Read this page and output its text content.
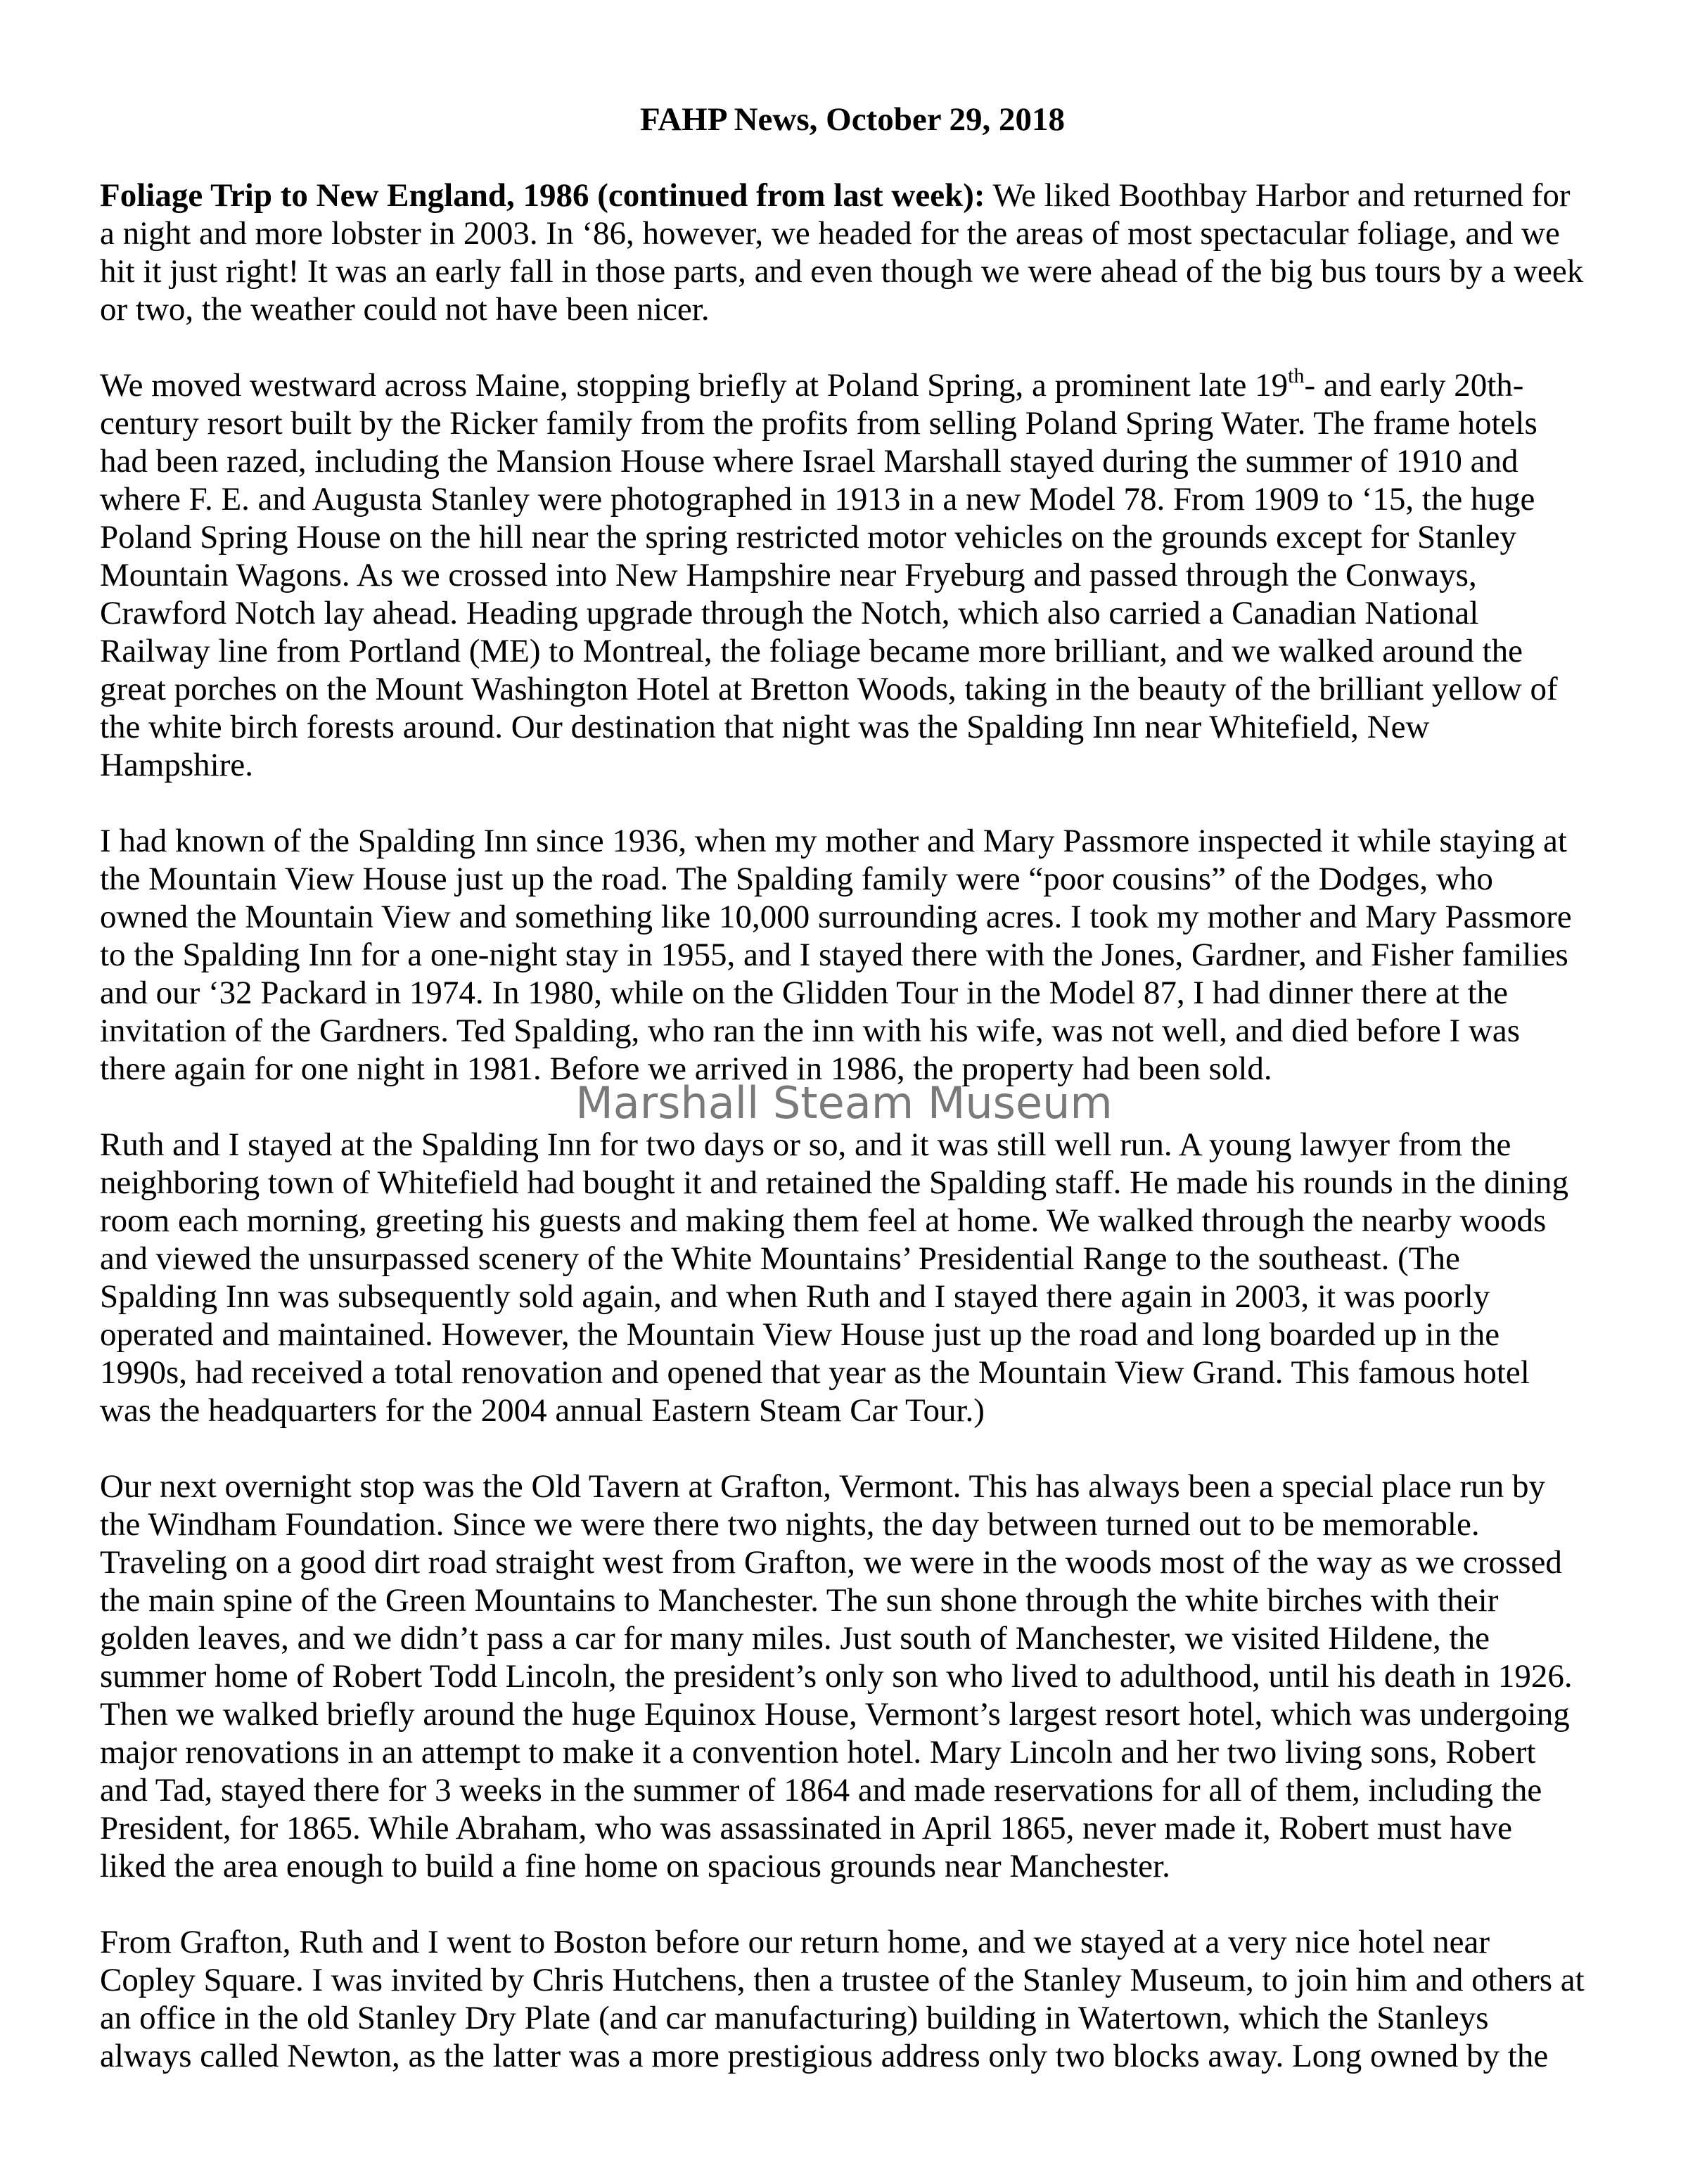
FAHP News, October 29, 2018
Foliage Trip to New England, 1986 (continued from last week): We liked Boothbay Harbor and returned for
a night and more lobster in 2003. In ‘86, however, we headed for the areas of most spectacular foliage, and we
hit it just right! It was an early fall in those parts, and even though we were ahead of the big bus tours by a week
or two, the weather could not have been nicer.
We moved westward across Maine, stopping briefly at Poland Spring, a prominent late 19th- and early 20th-
century resort built by the Ricker family from the profits from selling Poland Spring Water. The frame hotels
had been razed, including the Mansion House where Israel Marshall stayed during the summer of 1910 and
where F. E. and Augusta Stanley were photographed in 1913 in a new Model 78. From 1909 to ‘15, the huge
Poland Spring House on the hill near the spring restricted motor vehicles on the grounds except for Stanley
Mountain Wagons. As we crossed into New Hampshire near Fryeburg and passed through the Conways,
Crawford Notch lay ahead. Heading upgrade through the Notch, which also carried a Canadian National
Railway line from Portland (ME) to Montreal, the foliage became more brilliant, and we walked around the
great porches on the Mount Washington Hotel at Bretton Woods, taking in the beauty of the brilliant yellow of
the white birch forests around. Our destination that night was the Spalding Inn near Whitefield, New
Hampshire.
I had known of the Spalding Inn since 1936, when my mother and Mary Passmore inspected it while staying at
the Mountain View House just up the road. The Spalding family were “poor cousins” of the Dodges, who
owned the Mountain View and something like 10,000 surrounding acres. I took my mother and Mary Passmore
to the Spalding Inn for a one-night stay in 1955, and I stayed there with the Jones, Gardner, and Fisher families
and our ‘32 Packard in 1974. In 1980, while on the Glidden Tour in the Model 87, I had dinner there at the
invitation of the Gardners. Ted Spalding, who ran the inn with his wife, was not well, and died before I was
there again for one night in 1981. Before we arrived in 1986, the property had been sold.
Ruth and I stayed at the Spalding Inn for two days or so, and it was still well run. A young lawyer from the
neighboring town of Whitefield had bought it and retained the Spalding staff. He made his rounds in the dining
room each morning, greeting his guests and making them feel at home. We walked through the nearby woods
and viewed the unsurpassed scenery of the White Mountains’ Presidential Range to the southeast. (The
Spalding Inn was subsequently sold again, and when Ruth and I stayed there again in 2003, it was poorly
operated and maintained. However, the Mountain View House just up the road and long boarded up in the
1990s, had received a total renovation and opened that year as the Mountain View Grand. This famous hotel
was the headquarters for the 2004 annual Eastern Steam Car Tour.)
Our next overnight stop was the Old Tavern at Grafton, Vermont. This has always been a special place run by
the Windham Foundation. Since we were there two nights, the day between turned out to be memorable.
Traveling on a good dirt road straight west from Grafton, we were in the woods most of the way as we crossed
the main spine of the Green Mountains to Manchester. The sun shone through the white birches with their
golden leaves, and we didn’t pass a car for many miles. Just south of Manchester, we visited Hildene, the
summer home of Robert Todd Lincoln, the president’s only son who lived to adulthood, until his death in 1926.
Then we walked briefly around the huge Equinox House, Vermont’s largest resort hotel, which was undergoing
major renovations in an attempt to make it a convention hotel. Mary Lincoln and her two living sons, Robert
and Tad, stayed there for 3 weeks in the summer of 1864 and made reservations for all of them, including the
President, for 1865. While Abraham, who was assassinated in April 1865, never made it, Robert must have
liked the area enough to build a fine home on spacious grounds near Manchester.
From Grafton, Ruth and I went to Boston before our return home, and we stayed at a very nice hotel near
Copley Square. I was invited by Chris Hutchens, then a trustee of the Stanley Museum, to join him and others at
an office in the old Stanley Dry Plate (and car manufacturing) building in Watertown, which the Stanleys
always called Newton, as the latter was a more prestigious address only two blocks away. Long owned by the
Marshall Steam Museum
